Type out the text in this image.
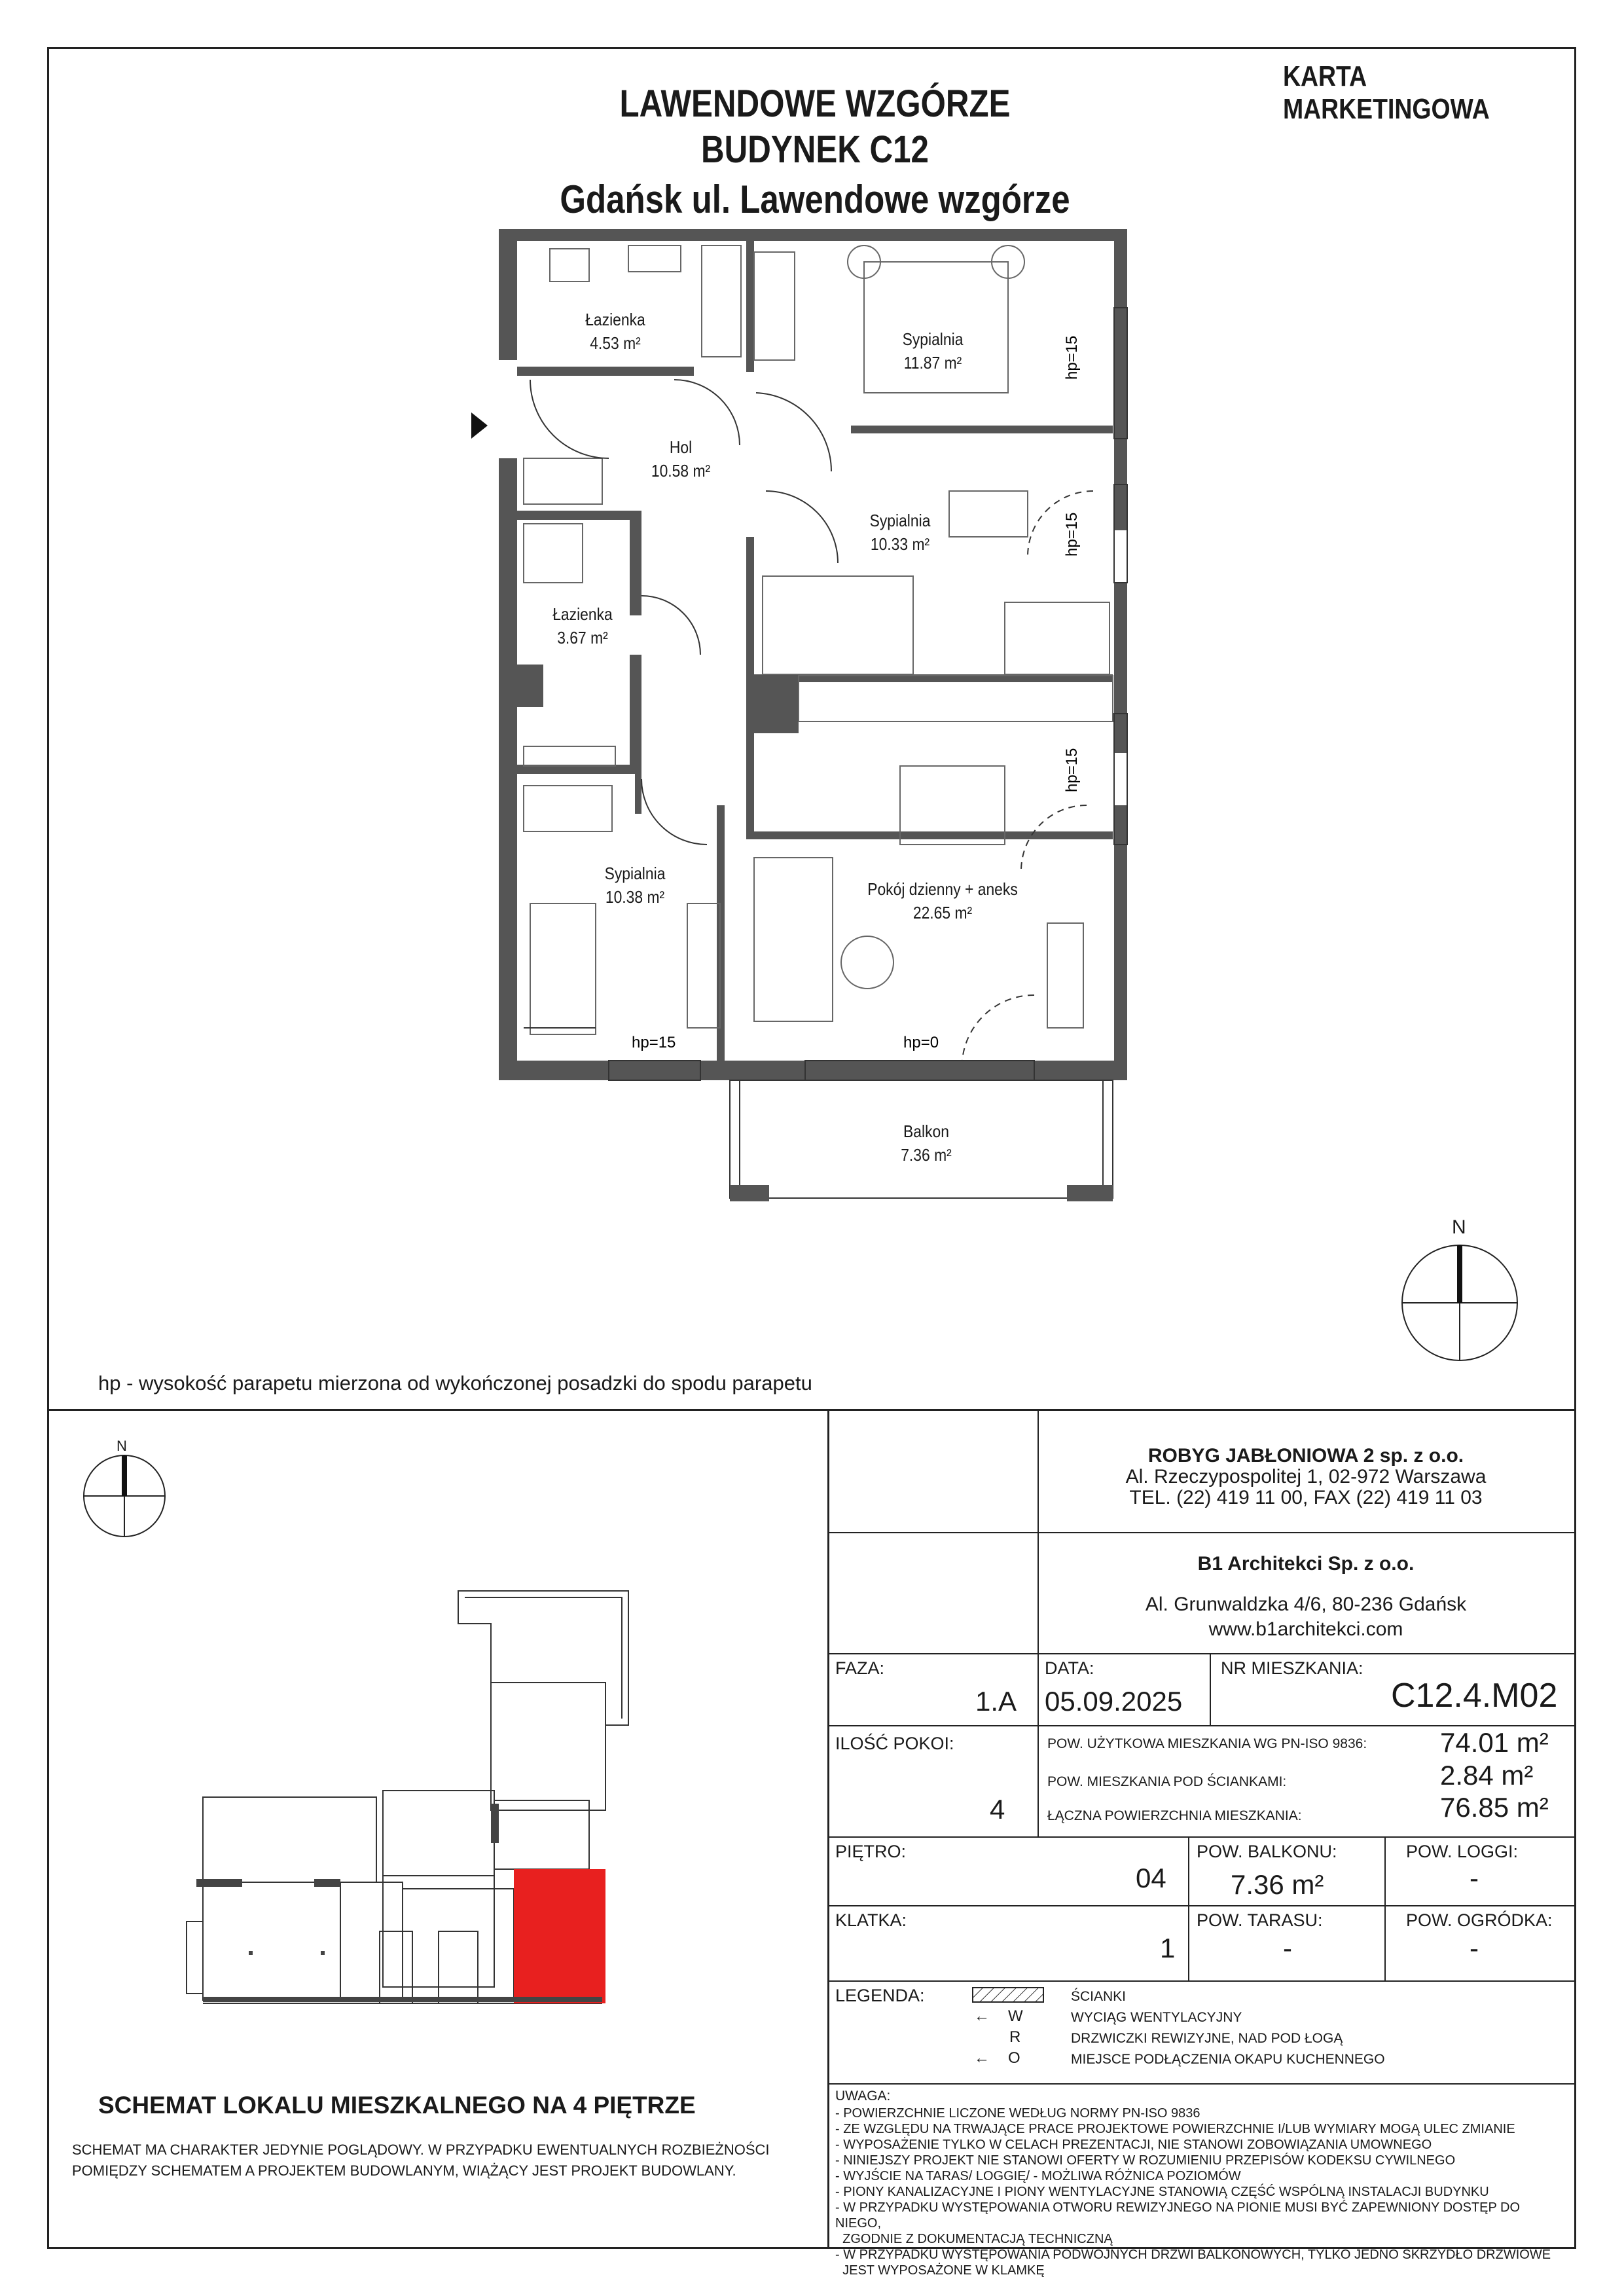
KARTA MARKETINGOWA
LAWENDOWE WZGÓRZE
BUDYNEK C12
Gdańsk ul. Lawendowe wzgórze
hp=15
hp=15
hp=15
hp=15	hp=0
Łazienka
4.53 m²	Sypialnia
11.87 m²
Hol
10.58 m²
Sypialnia
10.33 m²
Łazienka
3.67 m²
Sypialnia
10.38 m²	Pokój dzienny + aneks
22.65 m²
Balkon
7.36 m²
N
hp - wysokość parapetu mierzona od wykończonej posadzki do spodu parapetu
N
SCHEMAT LOKALU MIESZKALNEGO NA 4 PIĘTRZE
SCHEMAT MA CHARAKTER JEDYNIE POGLĄDOWY. W PRZYPADKU EWENTUALNYCH ROZBIEŻNOŚCI
POMIĘDZY SCHEMATEM A PROJEKTEM BUDOWLANYM, WIĄŻĄCY JEST PROJEKT BUDOWLANY.
ROBYG JABŁONIOWA 2 sp. z o.o.
Al. Rzeczypospolitej 1, 02-972 Warszawa
TEL. (22) 419 11 00, FAX (22) 419 11 03
B1 Architekci Sp. z o.o.
Al. Grunwaldzka 4/6, 80-236 Gdańsk
www.b1architekci.com
FAZA:
1.A
DATA:
05.09.2025
NR MIESZKANIA:
C12.4.M02
ILOŚĆ POKOI:
4
POW. UŻYTKOWA MIESZKANIA WG PN-ISO 9836:	74.01 m²
POW. MIESZKANIA POD ŚCIANKAMI:	2.84 m²
ŁĄCZNA POWIERZCHNIA MIESZKANIA:	76.85 m²
PIĘTRO:
04
POW. BALKONU:
7.36 m²
POW. LOGGI:
-
KLATKA:
1
POW. TARASU:
-
POW. OGRÓDKA:
-
LEGENDA:	ŚCIANKI
← W	WYCIĄG WENTYLACYJNY
R	DRZWICZKI REWIZYJNE, NAD POD ŁOGĄ
← O	MIEJSCE PODŁĄCZENIA OKAPU KUCHENNEGO
UWAGA:
- POWIERZCHNIE LICZONE WEDŁUG NORMY PN-ISO 9836
- ZE WZGLĘDU NA TRWAJĄCE PRACE PROJEKTOWE POWIERZCHNIE I/LUB WYMIARY MOGĄ ULEC ZMIANIE
- WYPOSAŻENIE TYLKO W CELACH PREZENTACJI, NIE STANOWI ZOBOWIĄZANIA UMOWNEGO
- NINIEJSZY PROJEKT NIE STANOWI OFERTY W ROZUMIENIU PRZEPISÓW KODEKSU CYWILNEGO
- WYJŚCIE NA TARAS/ LOGGIĘ/ - MOŻLIWA RÓŻNICA POZIOMÓW
- PIONY KANALIZACYJNE I PIONY WENTYLACYJNE STANOWIĄ CZĘŚĆ WSPÓLNĄ INSTALACJI BUDYNKU
- W PRZYPADKU WYSTĘPOWANIA OTWORU REWIZYJNEGO NA PIONIE MUSI BYĆ ZAPEWNIONY DOSTĘP DO NIEGO,
ZGODNIE Z DOKUMENTACJĄ TECHNICZNĄ
- W PRZYPADKU WYSTĘPOWANIA PODWÓJNYCH DRZWI BALKONOWYCH, TYLKO JEDNO SKRZYDŁO DRZWIOWE
JEST WYPOSAŻONE W KLAMKĘ
